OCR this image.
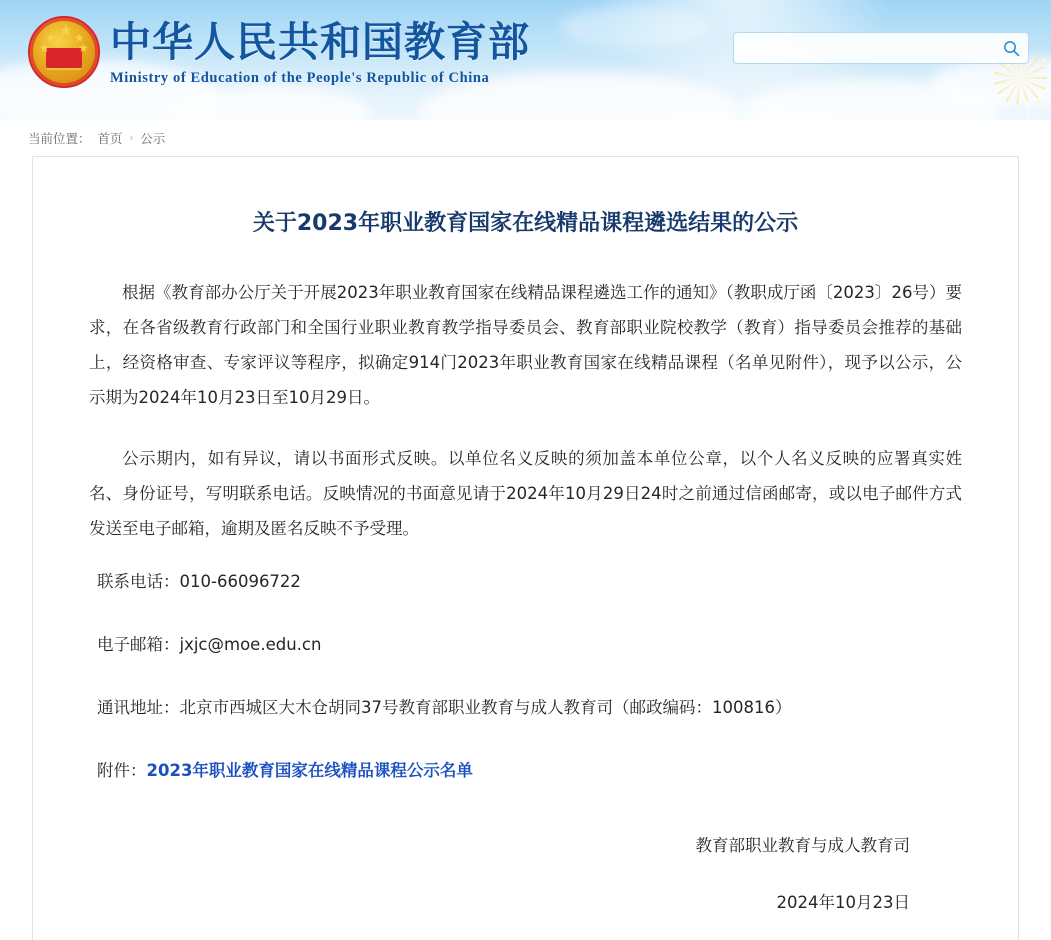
★
★
★
★
★ 中华人民共和国教育部
Ministry of Education of the People's Republic of China
当前位置： 首页 › 公示
关于2023年职业教育国家在线精品课程遴选结果的公示

根据《教育部办公厅关于开展2023年职业教育国家在线精品课程遴选工作的通知》（教职成厅函〔2023〕26号）要求，在各省级教育行政部门和全国行业职业教育教学指导委员会、教育部职业院校教学（教育）指导委员会推荐的基础上，经资格审查、专家评议等程序，拟确定914门2023年职业教育国家在线精品课程（名单见附件），现予以公示，公示期为2024年10月23日至10月29日。

公示期内，如有异议，请以书面形式反映。以单位名义反映的须加盖本单位公章，以个人名义反映的应署真实姓名、身份证号，写明联系电话。反映情况的书面意见请于2024年10月29日24时之前通过信函邮寄，或以电子邮件方式发送至电子邮箱，逾期及匿名反映不予受理。

联系电话：010-66096722

电子邮箱：jxjc@moe.edu.cn

通讯地址：北京市西城区大木仓胡同37号教育部职业教育与成人教育司（邮政编码：100816）

附件：2023年职业教育国家在线精品课程公示名单

教育部职业教育与成人教育司
2024年10月23日
